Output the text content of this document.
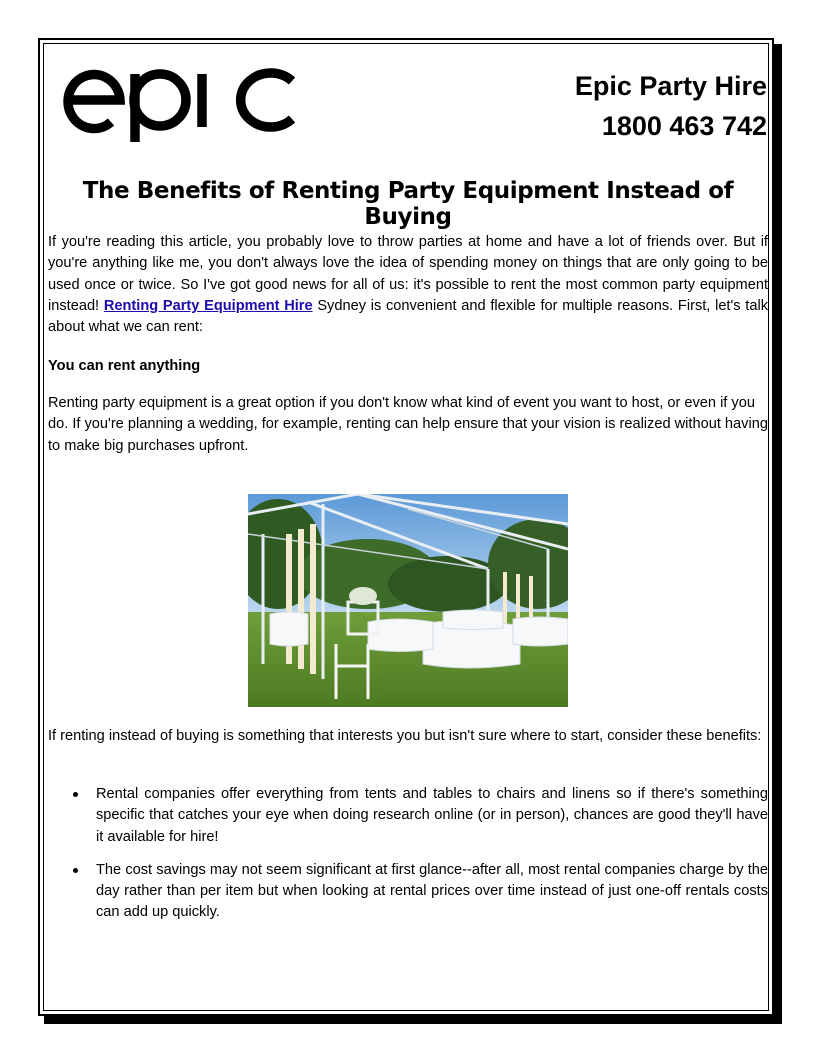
Epic Party Hire
1800 463 742
The Benefits of Renting Party Equipment Instead of Buying
If you're reading this article, you probably love to throw parties at home and have a lot of friends over. But if you're anything like me, you don't always love the idea of spending money on things that are only going to be used once or twice. So I've got good news for all of us: it's possible to rent the most common party equipment instead! Renting Party Equipment Hire Sydney is convenient and flexible for multiple reasons. First, let's talk about what we can rent:
You can rent anything
Renting party equipment is a great option if you don't know what kind of event you want to host, or even if you do. If you're planning a wedding, for example, renting can help ensure that your vision is realized without having to make big purchases upfront.
If renting instead of buying is something that interests you but isn't sure where to start, consider these benefits:
Rental companies offer everything from tents and tables to chairs and linens so if there's something specific that catches your eye when doing research online (or in person), chances are good they'll have it available for hire!
The cost savings may not seem significant at first glance--after all, most rental companies charge by the day rather than per item but when looking at rental prices over time instead of just one-off rentals costs can add up quickly.
